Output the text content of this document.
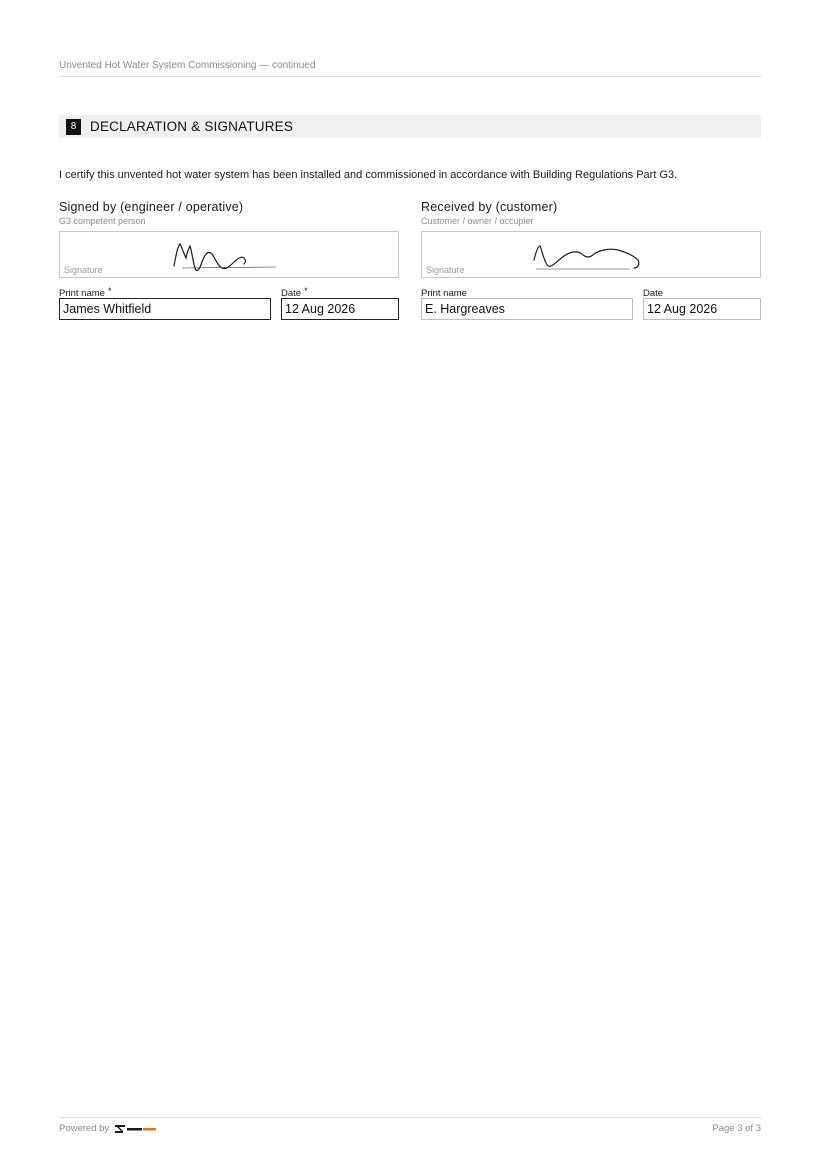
Unvented Hot Water System Commissioning — continued
8	DECLARATION & SIGNATURES
I certify this unvented hot water system has been installed and commissioned in accordance with Building Regulations Part G3.
Signed by (engineer / operative)
G3 competent person
Signature
Print name *
James Whitfield
Date *
12 Aug 2026
Received by (customer)
Customer / owner / occupier
Signature
Print name
E. Hargreaves
Date
12 Aug 2026
Powered by	Page 3 of 3
